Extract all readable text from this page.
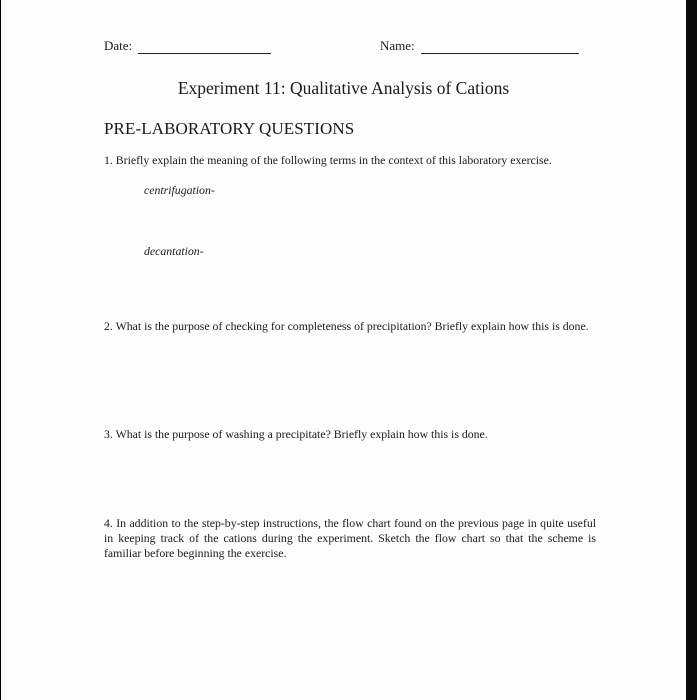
Date:	Name:
Experiment 11: Qualitative Analysis of Cations
PRE-LABORATORY QUESTIONS
1. Briefly explain the meaning of the following terms in the context of this laboratory exercise.
centrifugation-
decantation-
2. What is the purpose of checking for completeness of precipitation? Briefly explain how this is done.
3. What is the purpose of washing a precipitate? Briefly explain how this is done.
4. In addition to the step-by-step instructions, the flow chart found on the previous page in quite useful in keeping track of the cations during the experiment. Sketch the flow chart so that the scheme is familiar before beginning the exercise.
